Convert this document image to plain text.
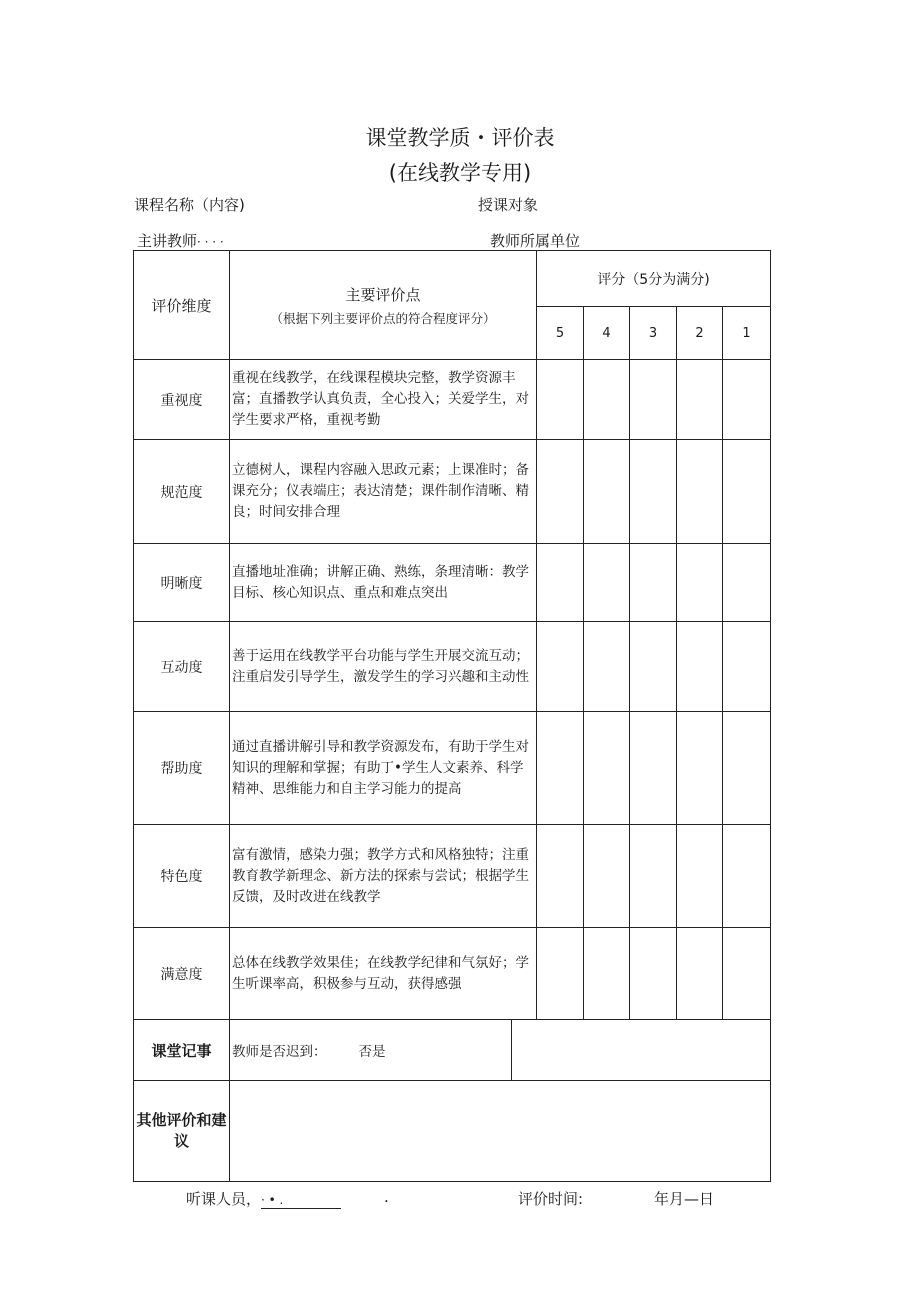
课堂教学质・评价表
(在线教学专用)
课程名称（内容)	授课对象
主讲教师· · · ·	教师所属单位
评价维度	主要评价点
（根据下列主要评价点的符合程度评分）	评分（5分为满分)				
		5	4	3	2	1
重视度	重视在线教学，在线课程模块完整，教学资源丰富；直播教学认真负责，全心投入；关爱学生，对学生要求严格，重视考勤					
规范度	立德树人，课程内容融入思政元素；上课准时；备课充分；仪表端庄；表达清楚；课件制作清晰、精良；时间安排合理					
明晰度	直播地址准确；讲解正确、熟练，条理清晰：教学目标、核心知识点、重点和难点突出					
互动度	善于运用在线教学平台功能与学生开展交流互动；注重启发引导学生，激发学生的学习兴趣和主动性					
帮助度	通过直播讲解引导和教学资源发布，有助于学生对知识的理解和掌握；有助丁•学生人文素养、科学精神、思维能力和自主学习能力的提高					
特色度	富有激情，感染力强；教学方式和风格独特；注重教育教学新理念、新方法的探索与尝试；根据学生反馈，及时改进在线教学					
满意度	总体在线教学效果佳；在线教学纪律和气氛好；学生听课率高，积极参与互动，获得感强					
课堂记事	教师是否迟到： 否是					

其他评价和建议						
听课人员，· • .	.	评价时间:	年月—日
